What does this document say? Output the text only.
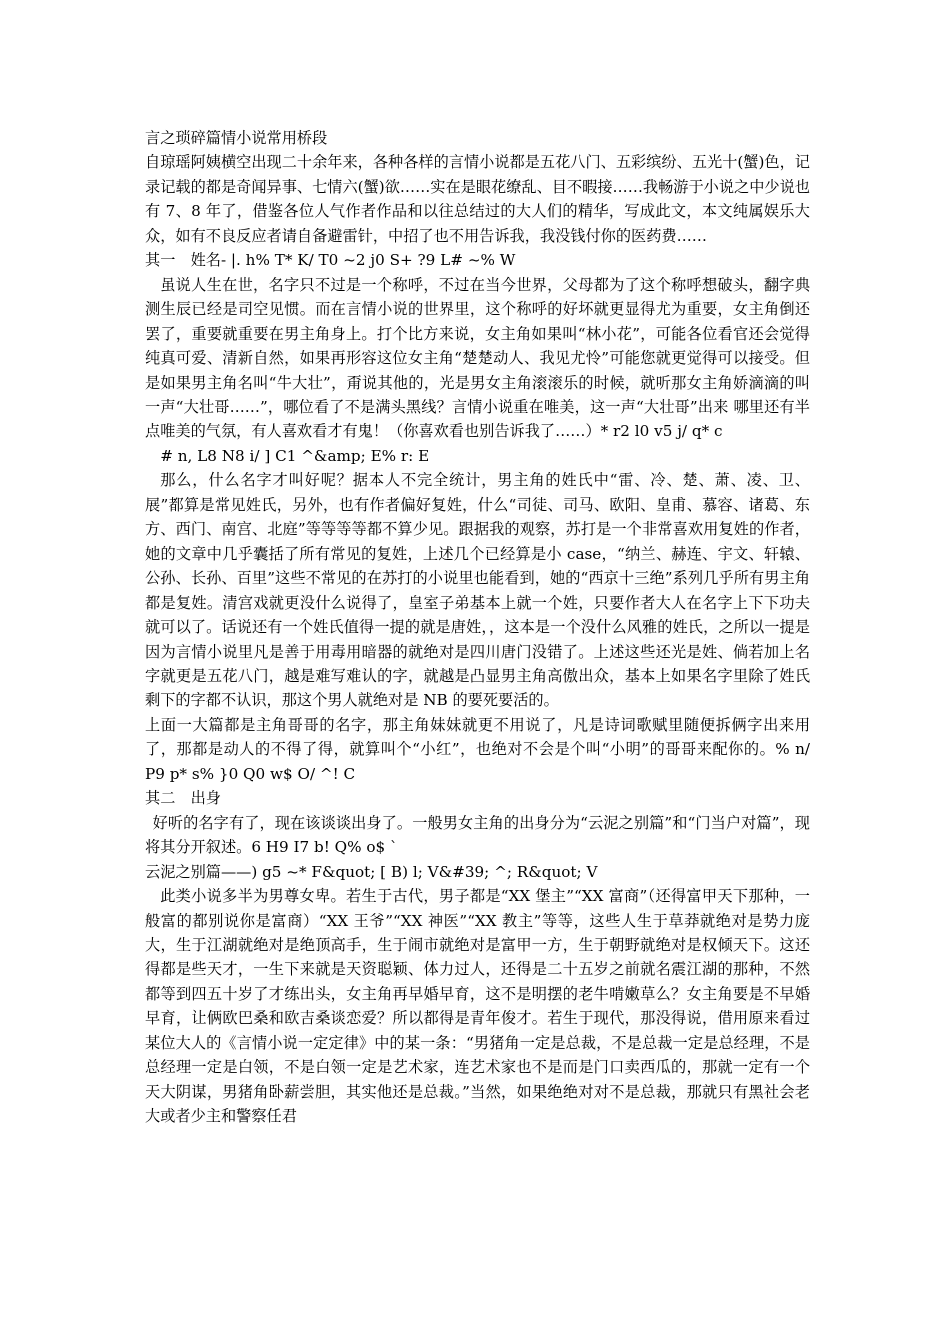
言之琐碎篇情小说常用桥段

自琼瑶阿姨横空出现二十余年来，各种各样的言情小说都是五花八门、五彩缤纷、五光十(蟹)色，记录记载的都是奇闻异事、七情六(蟹)欲……实在是眼花缭乱、目不暇接……我畅游于小说之中少说也有 7、8 年了，借鉴各位人气作者作品和以往总结过的大人们的精华，写成此文，本文纯属娱乐大众，如有不良反应者请自备避雷针，中招了也不用告诉我，我没钱付你的医药费……

其一　姓名- |. h% T* K/ T0 ~2 j0 S+ ?9 L# ~% W

虽说人生在世，名字只不过是一个称呼，不过在当今世界，父母都为了这个称呼想破头，翻字典测生辰已经是司空见惯。而在言情小说的世界里，这个称呼的好坏就更显得尤为重要，女主角倒还罢了，重要就重要在男主角身上。打个比方来说，女主角如果叫“林小花”，可能各位看官还会觉得纯真可爱、清新自然，如果再形容这位女主角“楚楚动人、我见尤怜”可能您就更觉得可以接受。但是如果男主角名叫“牛大壮”，甭说其他的，光是男女主角滚滚乐的时候，就听那女主角娇滴滴的叫一声“大壮哥……”，哪位看了不是满头黑线？言情小说重在唯美，这一声“大壮哥”出来 哪里还有半点唯美的气氛，有人喜欢看才有鬼！（你喜欢看也别告诉我了……）* r2 l0 v5 j/ q* c

# n, L8 N8 i/ ] C1 ^&amp; E% r: E

那么，什么名字才叫好呢？据本人不完全统计，男主角的姓氏中“雷、冷、楚、萧、凌、卫、展”都算是常见姓氏，另外，也有作者偏好复姓，什么“司徒、司马、欧阳、皇甫、慕容、诸葛、东方、西门、南宫、北庭”等等等等都不算少见。跟据我的观察，苏打是一个非常喜欢用复姓的作者，她的文章中几乎囊括了所有常见的复姓，上述几个已经算是小 case，“纳兰、赫连、宇文、轩辕、公孙、长孙、百里”这些不常见的在苏打的小说里也能看到，她的“西京十三绝”系列几乎所有男主角都是复姓。清宫戏就更没什么说得了，皇室子弟基本上就一个姓，只要作者大人在名字上下下功夫就可以了。话说还有一个姓氏值得一提的就是唐姓，，这本是一个没什么风雅的姓氏，之所以一提是因为言情小说里凡是善于用毒用暗器的就绝对是四川唐门没错了。上述这些还光是姓、倘若加上名字就更是五花八门，越是难写难认的字，就越是凸显男主角高傲出众，基本上如果名字里除了姓氏剩下的字都不认识，那这个男人就绝对是 NB 的要死要活的。

上面一大篇都是主角哥哥的名字，那主角妹妹就更不用说了，凡是诗词歌赋里随便拆俩字出来用了，那都是动人的不得了得，就算叫个“小红”，也绝对不会是个叫“小明”的哥哥来配你的。% n/ P9 p* s% }0 Q0 w$ O/ ^! C

其二　出身

好听的名字有了，现在该谈谈出身了。一般男女主角的出身分为“云泥之别篇”和“门当户对篇”，现将其分开叙述。6 H9 I7 b! Q% o$ `

云泥之别篇——) g5 ~* F&quot; [ B) l; V&#39; ^; R&quot; V

此类小说多半为男尊女卑。若生于古代，男子都是“XX 堡主”“XX 富商”（还得富甲天下那种，一般富的都别说你是富商）“XX 王爷”“XX 神医”“XX 教主”等等，这些人生于草莽就绝对是势力庞大，生于江湖就绝对是绝顶高手，生于闹市就绝对是富甲一方，生于朝野就绝对是权倾天下。这还得都是些天才，一生下来就是天资聪颖、体力过人，还得是二十五岁之前就名震江湖的那种，不然都等到四五十岁了才练出头，女主角再早婚早育，这不是明摆的老牛啃嫩草么？女主角要是不早婚早育，让俩欧巴桑和欧吉桑谈恋爱？所以都得是青年俊才。若生于现代，那没得说，借用原来看过某位大人的《言情小说一定定律》中的某一条：“男猪角一定是总裁，不是总裁一定是总经理，不是总经理一定是白领，不是白领一定是艺术家，连艺术家也不是而是门口卖西瓜的，那就一定有一个天大阴谋，男猪角卧薪尝胆，其实他还是总裁。”当然，如果绝绝对对不是总裁，那就只有黑社会老大或者少主和警察任君
